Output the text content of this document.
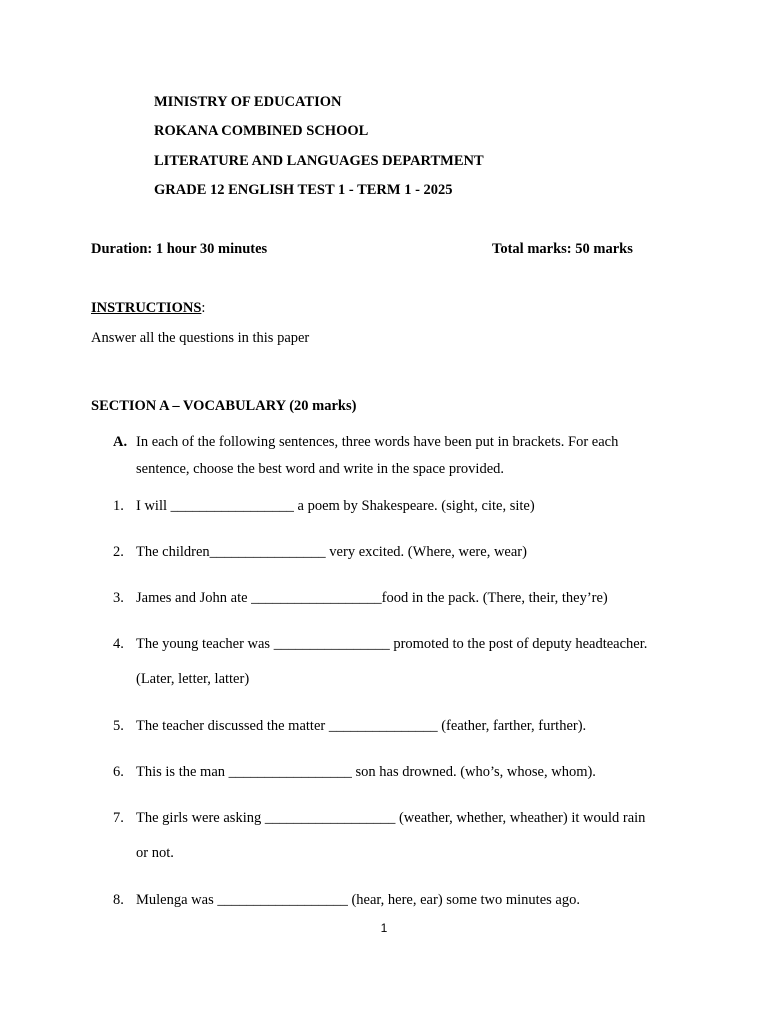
MINISTRY OF EDUCATION
ROKANA COMBINED SCHOOL
LITERATURE AND LANGUAGES DEPARTMENT
GRADE 12 ENGLISH TEST 1 - TERM 1 - 2025
Duration: 1 hour 30 minutes	Total marks: 50 marks
INSTRUCTIONS:
Answer all the questions in this paper
SECTION A – VOCABULARY (20 marks)
A. In each of the following sentences, three words have been put in brackets. For each
sentence, choose the best word and write in the space provided.
1. I will _________________ a poem by Shakespeare. (sight, cite, site)
2. The children________________ very excited. (Where, were, wear)
3. James and John ate __________________food in the pack. (There, their, they’re)
4. The young teacher was ________________ promoted to the post of deputy headteacher.
(Later, letter, latter)
5. The teacher discussed the matter _______________ (feather, farther, further).
6. This is the man _________________ son has drowned. (who’s, whose, whom).
7. The girls were asking __________________ (weather, whether, wheather) it would rain
or not.
8. Mulenga was __________________ (hear, here, ear) some two minutes ago.
1
